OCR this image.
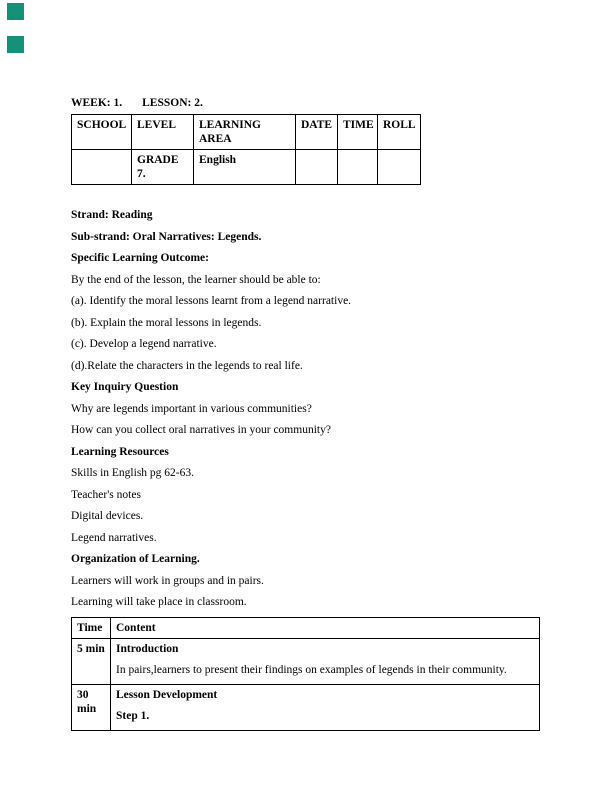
WEEK: 1. LESSON: 2.

SCHOOL	LEVEL	LEARNING AREA	DATE	TIME	ROLL
	GRADE 7.	English			

Strand: Reading

Sub-strand: Oral Narratives: Legends.

Specific Learning Outcome:

By the end of the lesson, the learner should be able to:

(a). Identify the moral lessons learnt from a legend narrative.

(b). Explain the moral lessons in legends.

(c). Develop a legend narrative.

(d).Relate the characters in the legends to real life.

Key Inquiry Question

Why are legends important in various communities?

How can you collect oral narratives in your community?

Learning Resources

Skills in English pg 62-63.

Teacher's notes

Digital devices.

Legend narratives.

Organization of Learning.

Learners will work in groups and in pairs.

Learning will take place in classroom.

Time	Content
5 min	Introduction

In pairs,learners to present their findings on examples of legends in their community.

30 min	Lesson Development

Step 1.
